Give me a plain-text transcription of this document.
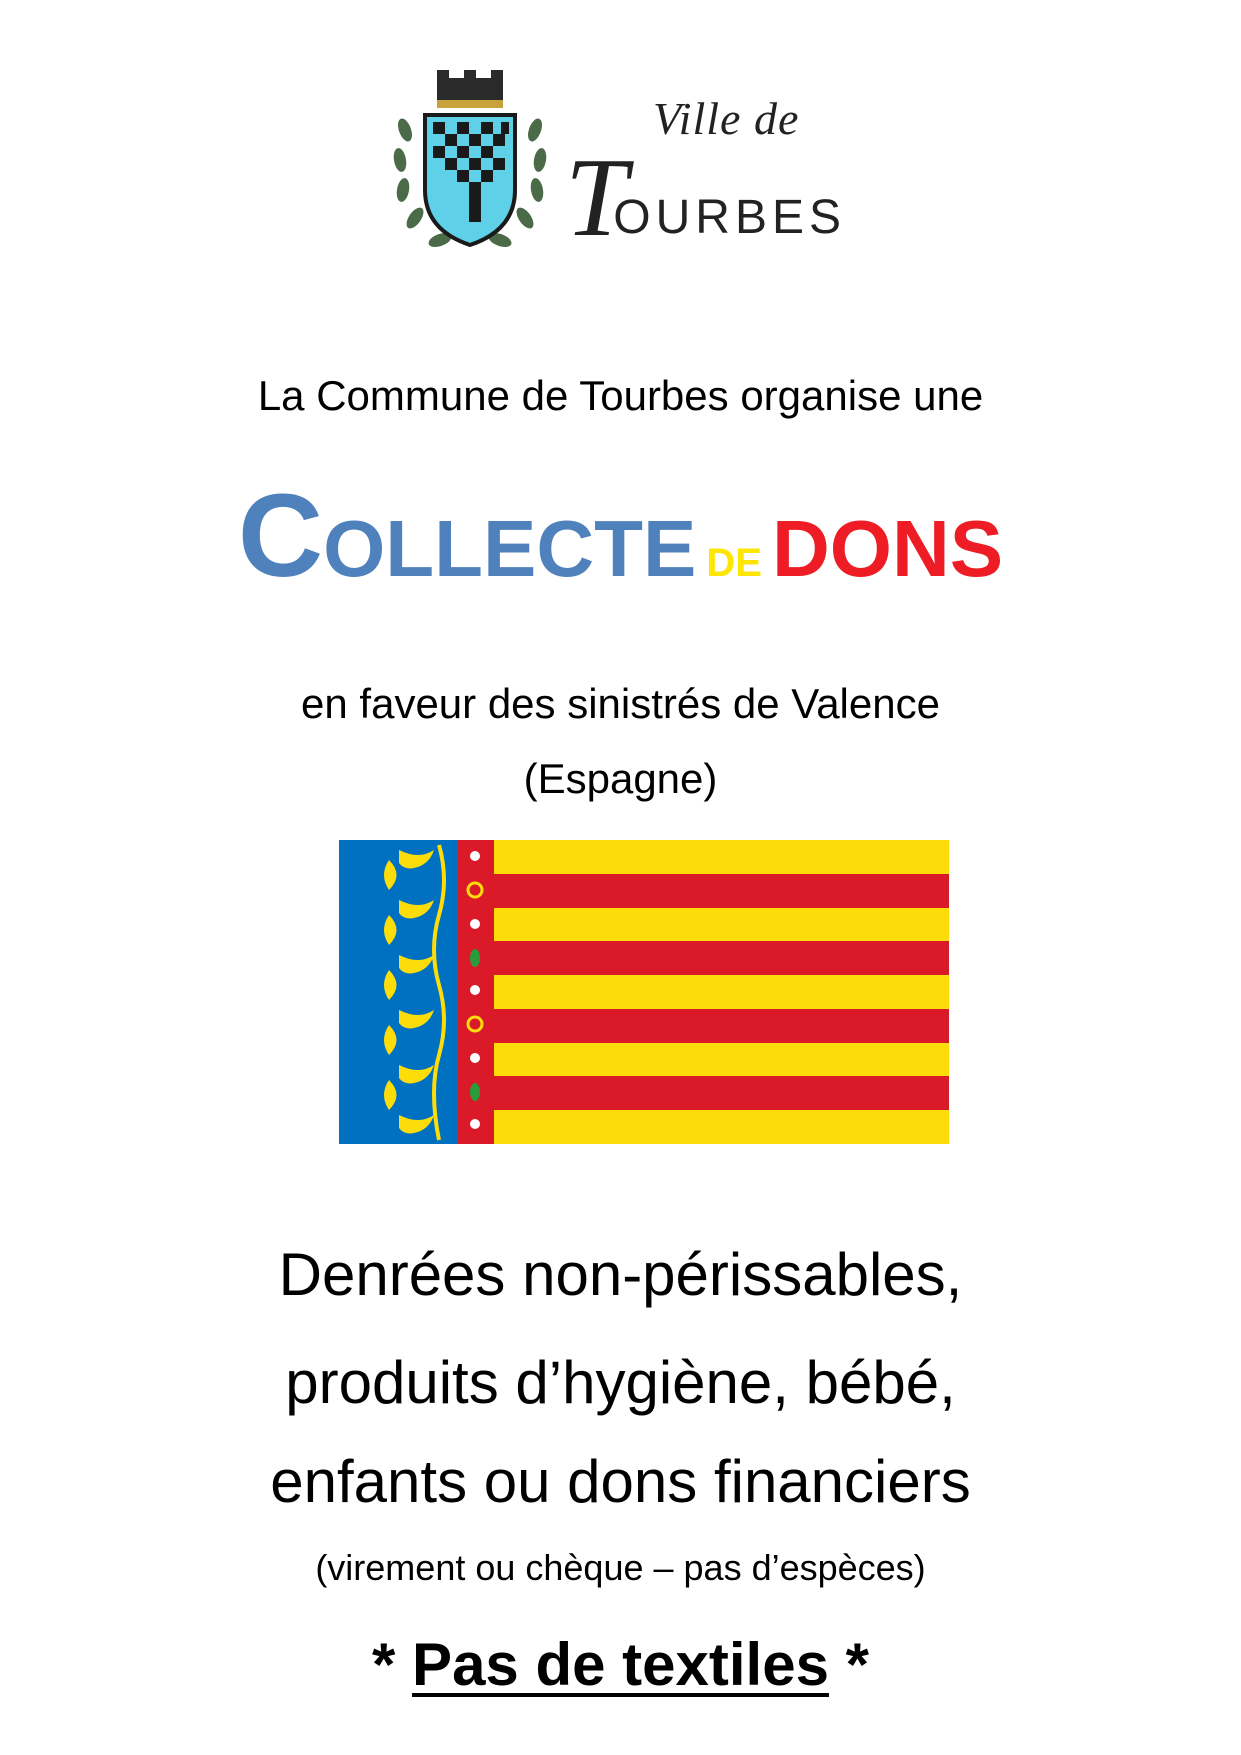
Ville de
TOURBES
La Commune de Tourbes organise une
COLLECTE DE DONS
en faveur des sinistrés de Valence
(Espagne)
Denrées non-périssables,
produits d’hygiène, bébé,
enfants ou dons financiers
(virement ou chèque – pas d’espèces)
* Pas de textiles *
